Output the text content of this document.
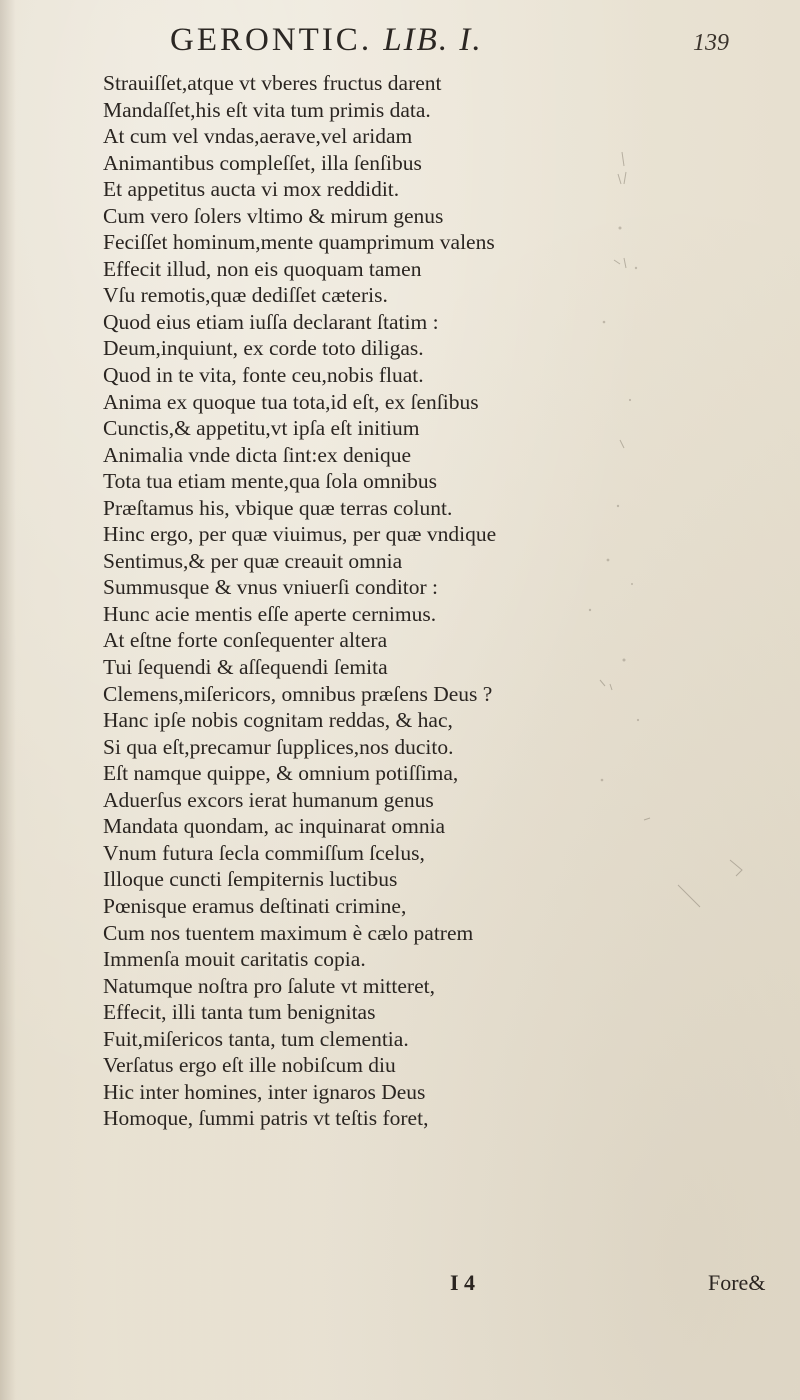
GERONTIC. LIB. I.	139
Strauiſſet,atque vt vberes fructus darent
Mandaſſet,his eſt vita tum primis data.
At cum vel vndas,aerave,vel aridam
Animantibus compleſſet, illa ſenſibus
Et appetitus aucta vi mox reddidit.
Cum vero ſolers vltimo & mirum genus
Feciſſet hominum,mente quamprimum valens
Effecit illud, non eis quoquam tamen
Vſu remotis,quæ dediſſet cæteris.
Quod eius etiam iuſſa declarant ſtatim :
Deum,inquiunt, ex corde toto diligas.
Quod in te vita, fonte ceu,nobis fluat.
Anima ex quoque tua tota,id eſt, ex ſenſibus
Cunctis,& appetitu,vt ipſa eſt initium
Animalia vnde dicta ſint:ex denique
Tota tua etiam mente,qua ſola omnibus
Præſtamus his, vbique quæ terras colunt.
Hinc ergo, per quæ viuimus, per quæ vndique
Sentimus,& per quæ creauit omnia
Summusque & vnus vniuerſi conditor :
Hunc acie mentis eſſe aperte cernimus.
At eſtne forte conſequenter altera
Tui ſequendi & aſſequendi ſemita
Clemens,miſericors, omnibus præſens Deus ?
Hanc ipſe nobis cognitam reddas, & hac,
Si qua eſt,precamur ſupplices,nos ducito.
Eſt namque quippe, & omnium potiſſima,
Aduerſus excors ierat humanum genus
Mandata quondam, ac inquinarat omnia
Vnum futura ſecla commiſſum ſcelus,
Illoque cuncti ſempiternis luctibus
Pœnisque eramus deſtinati crimine,
Cum nos tuentem maximum è cælo patrem
Immenſa mouit caritatis copia.
Natumque noſtra pro ſalute vt mitteret,
Effecit, illi tanta tum benignitas
Fuit,miſericos tanta, tum clementia.
Verſatus ergo eſt ille nobiſcum diu
Hic inter homines, inter ignaros Deus
Homoque, ſummi patris vt teſtis foret,
I 4	Fore&
